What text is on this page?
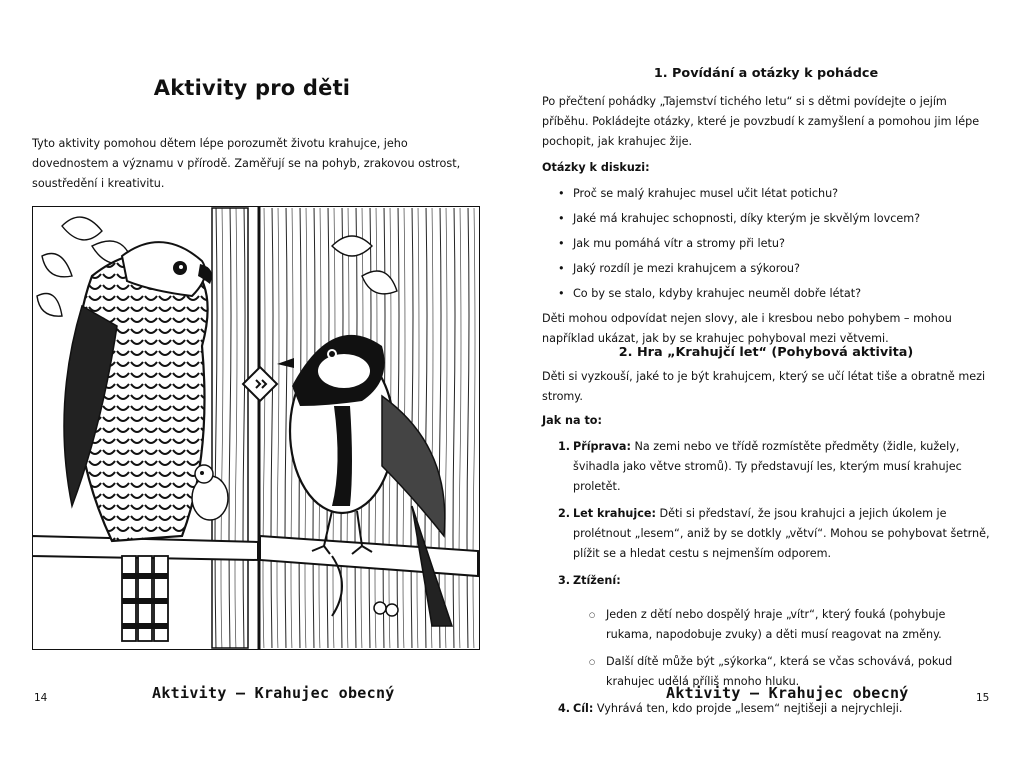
Aktivity pro děti
Tyto aktivity pomohou dětem lépe porozumět životu krahujce, jeho dovednostem a významu v přírodě. Zaměřují se na pohyb, zrakovou ostrost, soustředění i kreativitu.
Aktivity – Krahujec obecný
14
1. Povídání a otázky k pohádce

Po přečtení pohádky „Tajemství tichého letu“ si s dětmi povídejte o jejím příběhu. Pokládejte otázky, které je povzbudí k zamyšlení a pomohou jim lépe pochopit, jak krahujec žije.

Otázky k diskuzi:

• Proč se malý krahujec musel učit létat potichu?
• Jaké má krahujec schopnosti, díky kterým je skvělým lovcem?
• Jak mu pomáhá vítr a stromy při letu?
• Jaký rozdíl je mezi krahujcem a sýkorou?
• Co by se stalo, kdyby krahujec neuměl dobře létat?

Děti mohou odpovídat nejen slovy, ale i kresbou nebo pohybem – mohou například ukázat, jak by se krahujec pohyboval mezi větvemi.

2. Hra „Krahujčí let“ (Pohybová aktivita)

Děti si vyzkouší, jaké to je být krahujcem, který se učí létat tiše a obratně mezi stromy.

Jak na to:

1. Příprava: Na zemi nebo ve třídě rozmístěte předměty (židle, kužely, švihadla jako větve stromů). Ty představují les, kterým musí krahujec proletět.
2. Let krahujce: Děti si představí, že jsou krahujci a jejich úkolem je prolétnout „lesem“, aniž by se dotkly „větví“. Mohou se pohybovat šetrně, plížit se a hledat cestu s nejmenším odporem.
3. Ztížení:
○ Jeden z dětí nebo dospělý hraje „vítr“, který fouká (pohybuje rukama, napodobuje zvuky) a děti musí reagovat na změny.
○ Další dítě může být „sýkorka“, která se včas schovává, pokud krahujec udělá příliš mnoho hluku.
4. Cíl: Vyhrává ten, kdo projde „lesem“ nejtišeji a nejrychleji.
Aktivity – Krahujec obecný	15
